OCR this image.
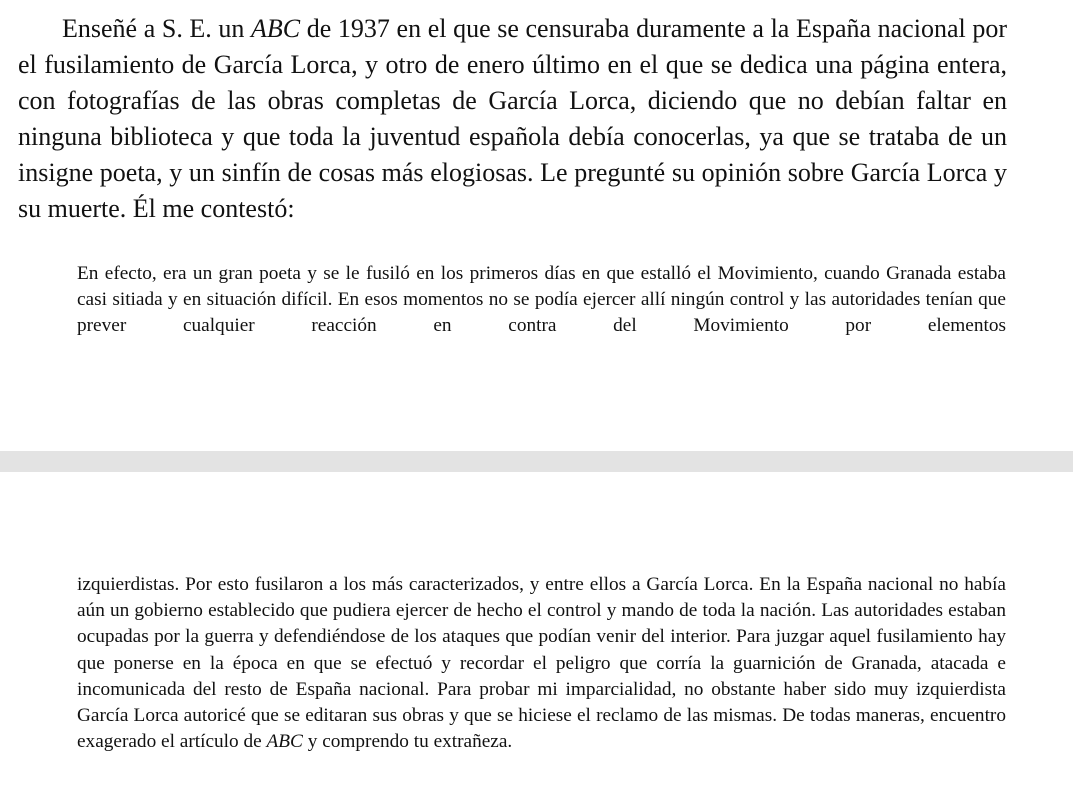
Enseñé a S. E. un ABC de 1937 en el que se censuraba duramente a la España nacional por el fusilamiento de García Lorca, y otro de enero último en el que se dedica una página entera, con fotografías de las obras completas de García Lorca, diciendo que no debían faltar en ninguna biblioteca y que toda la juventud española debía conocerlas, ya que se trataba de un insigne poeta, y un sinfín de cosas más elogiosas. Le pregunté su opinión sobre García Lorca y su muerte. Él me contestó:

En efecto, era un gran poeta y se le fusiló en los primeros días en que estalló el Movimiento, cuando Granada estaba casi sitiada y en situación difícil. En esos momentos no se podía ejercer allí ningún control y las autoridades tenían que prever cualquier reacción en contra del Movimiento por elementos

izquierdistas. Por esto fusilaron a los más caracterizados, y entre ellos a García Lorca. En la España nacional no había aún un gobierno establecido que pudiera ejercer de hecho el control y mando de toda la nación. Las autoridades estaban ocupadas por la guerra y defendiéndose de los ataques que podían venir del interior. Para juzgar aquel fusilamiento hay que ponerse en la época en que se efectuó y recordar el peligro que corría la guarnición de Granada, atacada e incomunicada del resto de España nacional. Para probar mi imparcialidad, no obstante haber sido muy izquierdista García Lorca autoricé que se editaran sus obras y que se hiciese el reclamo de las mismas. De todas maneras, encuentro exagerado el artículo de ABC y comprendo tu extrañeza.
